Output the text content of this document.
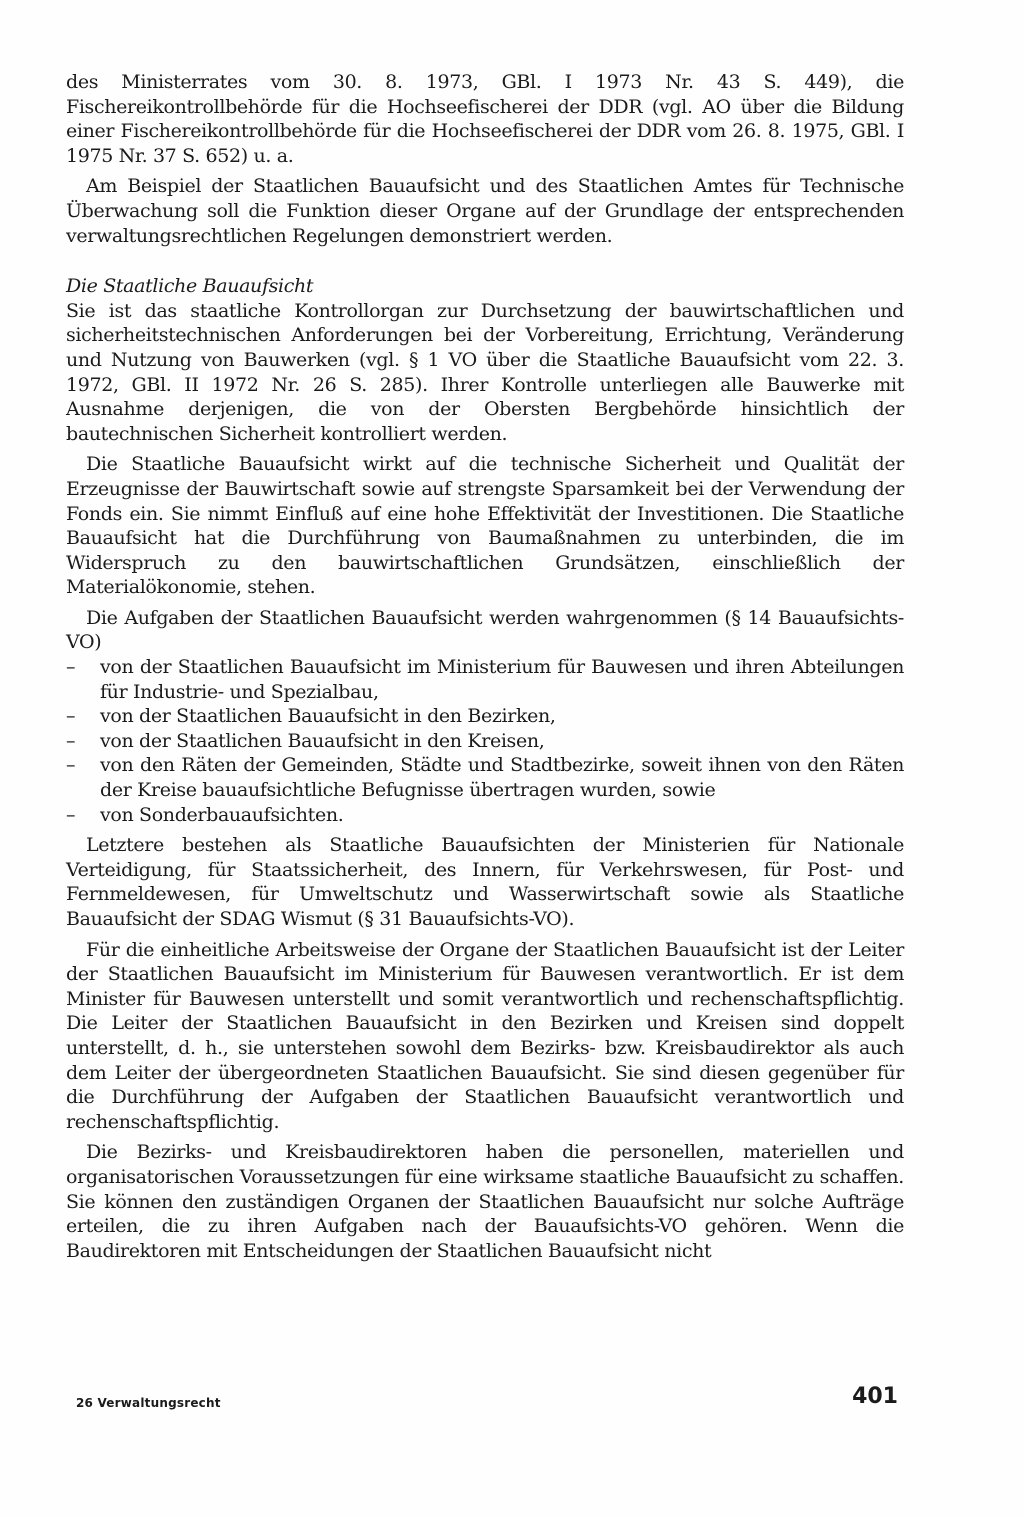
des Ministerrates vom 30. 8. 1973, GBl. I 1973 Nr. 43 S. 449), die Fischereikontrollbehörde für die Hochseefischerei der DDR (vgl. AO über die Bildung einer Fischereikontrollbehörde für die Hochseefischerei der DDR vom 26. 8. 1975, GBl. I 1975 Nr. 37 S. 652) u. a.

Am Beispiel der Staatlichen Bauaufsicht und des Staatlichen Amtes für Technische Überwachung soll die Funktion dieser Organe auf der Grundlage der entsprechenden verwaltungsrechtlichen Regelungen demonstriert werden.

Die Staatliche Bauaufsicht

Sie ist das staatliche Kontrollorgan zur Durchsetzung der bauwirtschaftlichen und sicherheitstechnischen Anforderungen bei der Vorbereitung, Errichtung, Veränderung und Nutzung von Bauwerken (vgl. § 1 VO über die Staatliche Bauaufsicht vom 22. 3. 1972, GBl. II 1972 Nr. 26 S. 285). Ihrer Kontrolle unterliegen alle Bauwerke mit Ausnahme derjenigen, die von der Obersten Bergbehörde hinsichtlich der bautechnischen Sicherheit kontrolliert werden.

Die Staatliche Bauaufsicht wirkt auf die technische Sicherheit und Qualität der Erzeugnisse der Bauwirtschaft sowie auf strengste Sparsamkeit bei der Verwendung der Fonds ein. Sie nimmt Einfluß auf eine hohe Effektivität der Investitionen. Die Staatliche Bauaufsicht hat die Durchführung von Baumaßnahmen zu unterbinden, die im Widerspruch zu den bauwirtschaftlichen Grundsätzen, einschließlich der Materialökonomie, stehen.

Die Aufgaben der Staatlichen Bauaufsicht werden wahrgenommen (§ 14 Bauaufsichts-VO)

– von der Staatlichen Bauaufsicht im Ministerium für Bauwesen und ihren Abteilungen für Industrie- und Spezialbau,
– von der Staatlichen Bauaufsicht in den Bezirken,
– von der Staatlichen Bauaufsicht in den Kreisen,
– von den Räten der Gemeinden, Städte und Stadtbezirke, soweit ihnen von den Räten der Kreise bauaufsichtliche Befugnisse übertragen wurden, sowie
– von Sonderbauaufsichten.

Letztere bestehen als Staatliche Bauaufsichten der Ministerien für Nationale Verteidigung, für Staatssicherheit, des Innern, für Verkehrswesen, für Post- und Fernmeldewesen, für Umweltschutz und Wasserwirtschaft sowie als Staatliche Bauaufsicht der SDAG Wismut (§ 31 Bauaufsichts-VO).

Für die einheitliche Arbeitsweise der Organe der Staatlichen Bauaufsicht ist der Leiter der Staatlichen Bauaufsicht im Ministerium für Bauwesen verantwortlich. Er ist dem Minister für Bauwesen unterstellt und somit verantwortlich und rechenschaftspflichtig. Die Leiter der Staatlichen Bauaufsicht in den Bezirken und Kreisen sind doppelt unterstellt, d. h., sie unterstehen sowohl dem Bezirks- bzw. Kreisbaudirektor als auch dem Leiter der übergeordneten Staatlichen Bauaufsicht. Sie sind diesen gegenüber für die Durchführung der Aufgaben der Staatlichen Bauaufsicht verantwortlich und rechenschaftspflichtig.

Die Bezirks- und Kreisbaudirektoren haben die personellen, materiellen und organisatorischen Voraussetzungen für eine wirksame staatliche Bauaufsicht zu schaffen. Sie können den zuständigen Organen der Staatlichen Bauaufsicht nur solche Aufträge erteilen, die zu ihren Aufgaben nach der Bauaufsichts-VO gehören. Wenn die Baudirektoren mit Entscheidungen der Staatlichen Bauaufsicht nicht

26 Verwaltungsrecht	401
